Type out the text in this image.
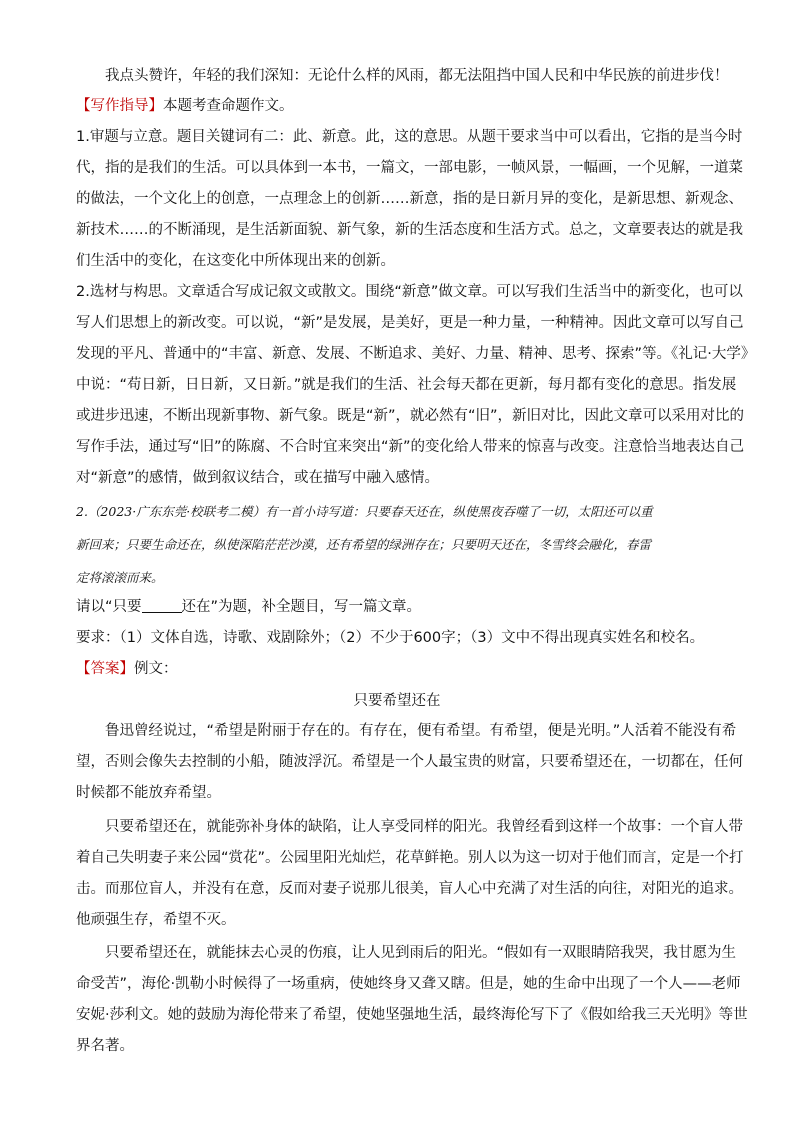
我点头赞许，年轻的我们深知：无论什么样的风雨，都无法阻挡中国人民和中华民族的前进步伐！

【写作指导】本题考查命题作文。

1.审题与立意。题目关键词有二：此、新意。此，这的意思。从题干要求当中可以看出，它指的是当今时

代，指的是我们的生活。可以具体到一本书，一篇文，一部电影，一帧风景，一幅画，一个见解，一道菜

的做法，一个文化上的创意，一点理念上的创新……新意，指的是日新月异的变化，是新思想、新观念、

新技术……的不断涌现，是生活新面貌、新气象，新的生活态度和生活方式。总之，文章要表达的就是我

们生活中的变化，在这变化中所体现出来的创新。

2.选材与构思。文章适合写成记叙文或散文。围绕“新意”做文章。可以写我们生活当中的新变化，也可以

写人们思想上的新改变。可以说，“新”是发展，是美好，更是一种力量，一种精神。因此文章可以写自己

发现的平凡、普通中的“丰富、新意、发展、不断追求、美好、力量、精神、思考、探索”等。《礼记·大学》

中说：“苟日新，日日新，又日新。”就是我们的生活、社会每天都在更新，每月都有变化的意思。指发展

或进步迅速，不断出现新事物、新气象。既是“新”，就必然有“旧”，新旧对比，因此文章可以采用对比的

写作手法，通过写“旧”的陈腐、不合时宜来突出“新”的变化给人带来的惊喜与改变。注意恰当地表达自己

对“新意”的感情，做到叙议结合，或在描写中融入感情。

2.（2023·广东东莞·校联考二模）有一首小诗写道：只要春天还在，纵使黑夜吞噬了一切，太阳还可以重

新回来；只要生命还在，纵使深陷茫茫沙漠，还有希望的绿洲存在；只要明天还在，冬雪终会融化，春雷

定将滚滚而来。

请以“只要	还在”为题，补全题目，写一篇文章。

要求：（1）文体自选，诗歌、戏剧除外；（2）不少于600字；（3）文中不得出现真实姓名和校名。

【答案】例文：

只要希望还在

鲁迅曾经说过，“希望是附丽于存在的。有存在，便有希望。有希望，便是光明。”人活着不能没有希

望，否则会像失去控制的小船，随波浮沉。希望是一个人最宝贵的财富，只要希望还在，一切都在，任何

时候都不能放弃希望。

只要希望还在，就能弥补身体的缺陷，让人享受同样的阳光。我曾经看到这样一个故事：一个盲人带

着自己失明妻子来公园“赏花”。公园里阳光灿烂，花草鲜艳。别人以为这一切对于他们而言，定是一个打

击。而那位盲人，并没有在意，反而对妻子说那儿很美，盲人心中充满了对生活的向往，对阳光的追求。

他顽强生存，希望不灭。

只要希望还在，就能抹去心灵的伤痕，让人见到雨后的阳光。“假如有一双眼睛陪我哭，我甘愿为生

命受苦”，海伦·凯勒小时候得了一场重病，使她终身又聋又瞎。但是，她的生命中出现了一个人——老师

安妮·莎利文。她的鼓励为海伦带来了希望，使她坚强地生活，最终海伦写下了《假如给我三天光明》等世

界名著。
